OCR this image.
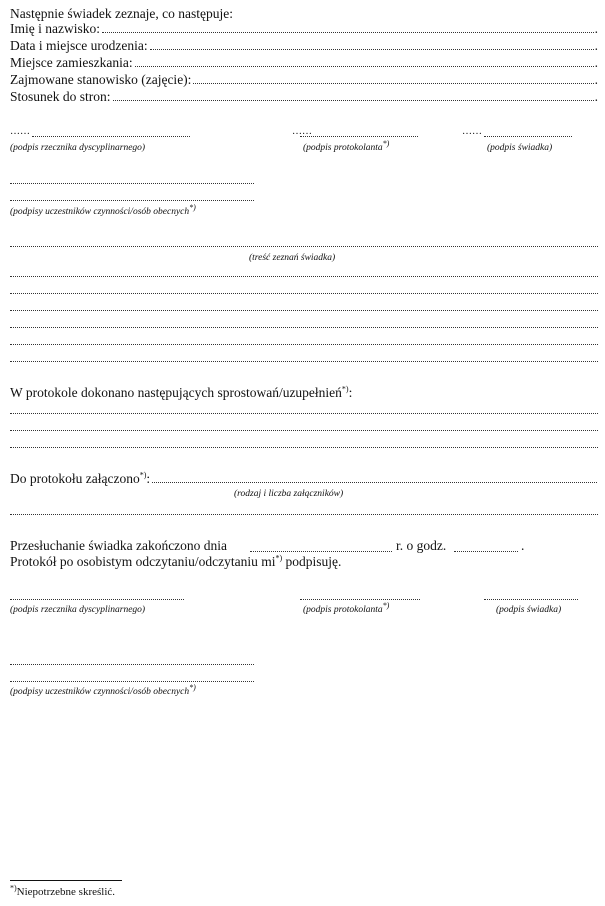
Następnie świadek zeznaje, co następuje:
Imię i nazwisko:	.
Data i miejsce urodzenia:	.
Miejsce zamieszkania:	.
Zajmowane stanowisko (zajęcie):	.
Stosunek do stron:	.
……	……	……
(podpis rzecznika dyscyplinarnego)	(podpis protokolanta*)	(podpis świadka)
(podpisy uczestników czynności/osób obecnych*)
(treść zeznań świadka)
W protokole dokonano następujących sprostowań/uzupełnień*):
Do protokołu załączono*):
(rodzaj i liczba załączników)
Przesłuchanie świadka zakończono dnia	r. o godz.	.
Protokół po osobistym odczytaniu/odczytaniu mi*) podpisuję.
(podpis rzecznika dyscyplinarnego)	(podpis protokolanta*)	(podpis świadka)
(podpisy uczestników czynności/osób obecnych*)
*)Niepotrzebne skreślić.
